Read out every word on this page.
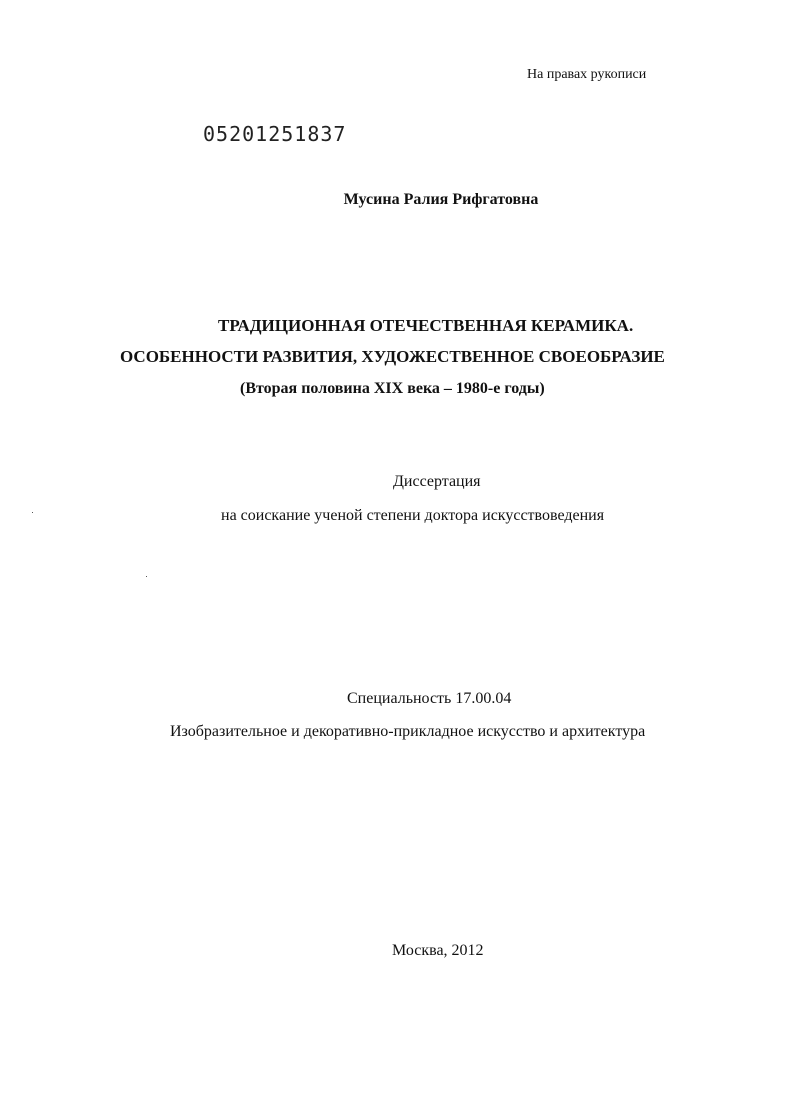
На правах рукописи
05201251837
Мусина Ралия Рифгатовна
ТРАДИЦИОННАЯ ОТЕЧЕСТВЕННАЯ КЕРАМИКА.
ОСОБЕННОСТИ РАЗВИТИЯ, ХУДОЖЕСТВЕННОЕ СВОЕОБРАЗИЕ
(Вторая половина XIX века – 1980-е годы)
Диссертация
на соискание ученой степени доктора искусствоведения
Специальность 17.00.04
Изобразительное и декоративно-прикладное искусство и архитектура
Москва, 2012
